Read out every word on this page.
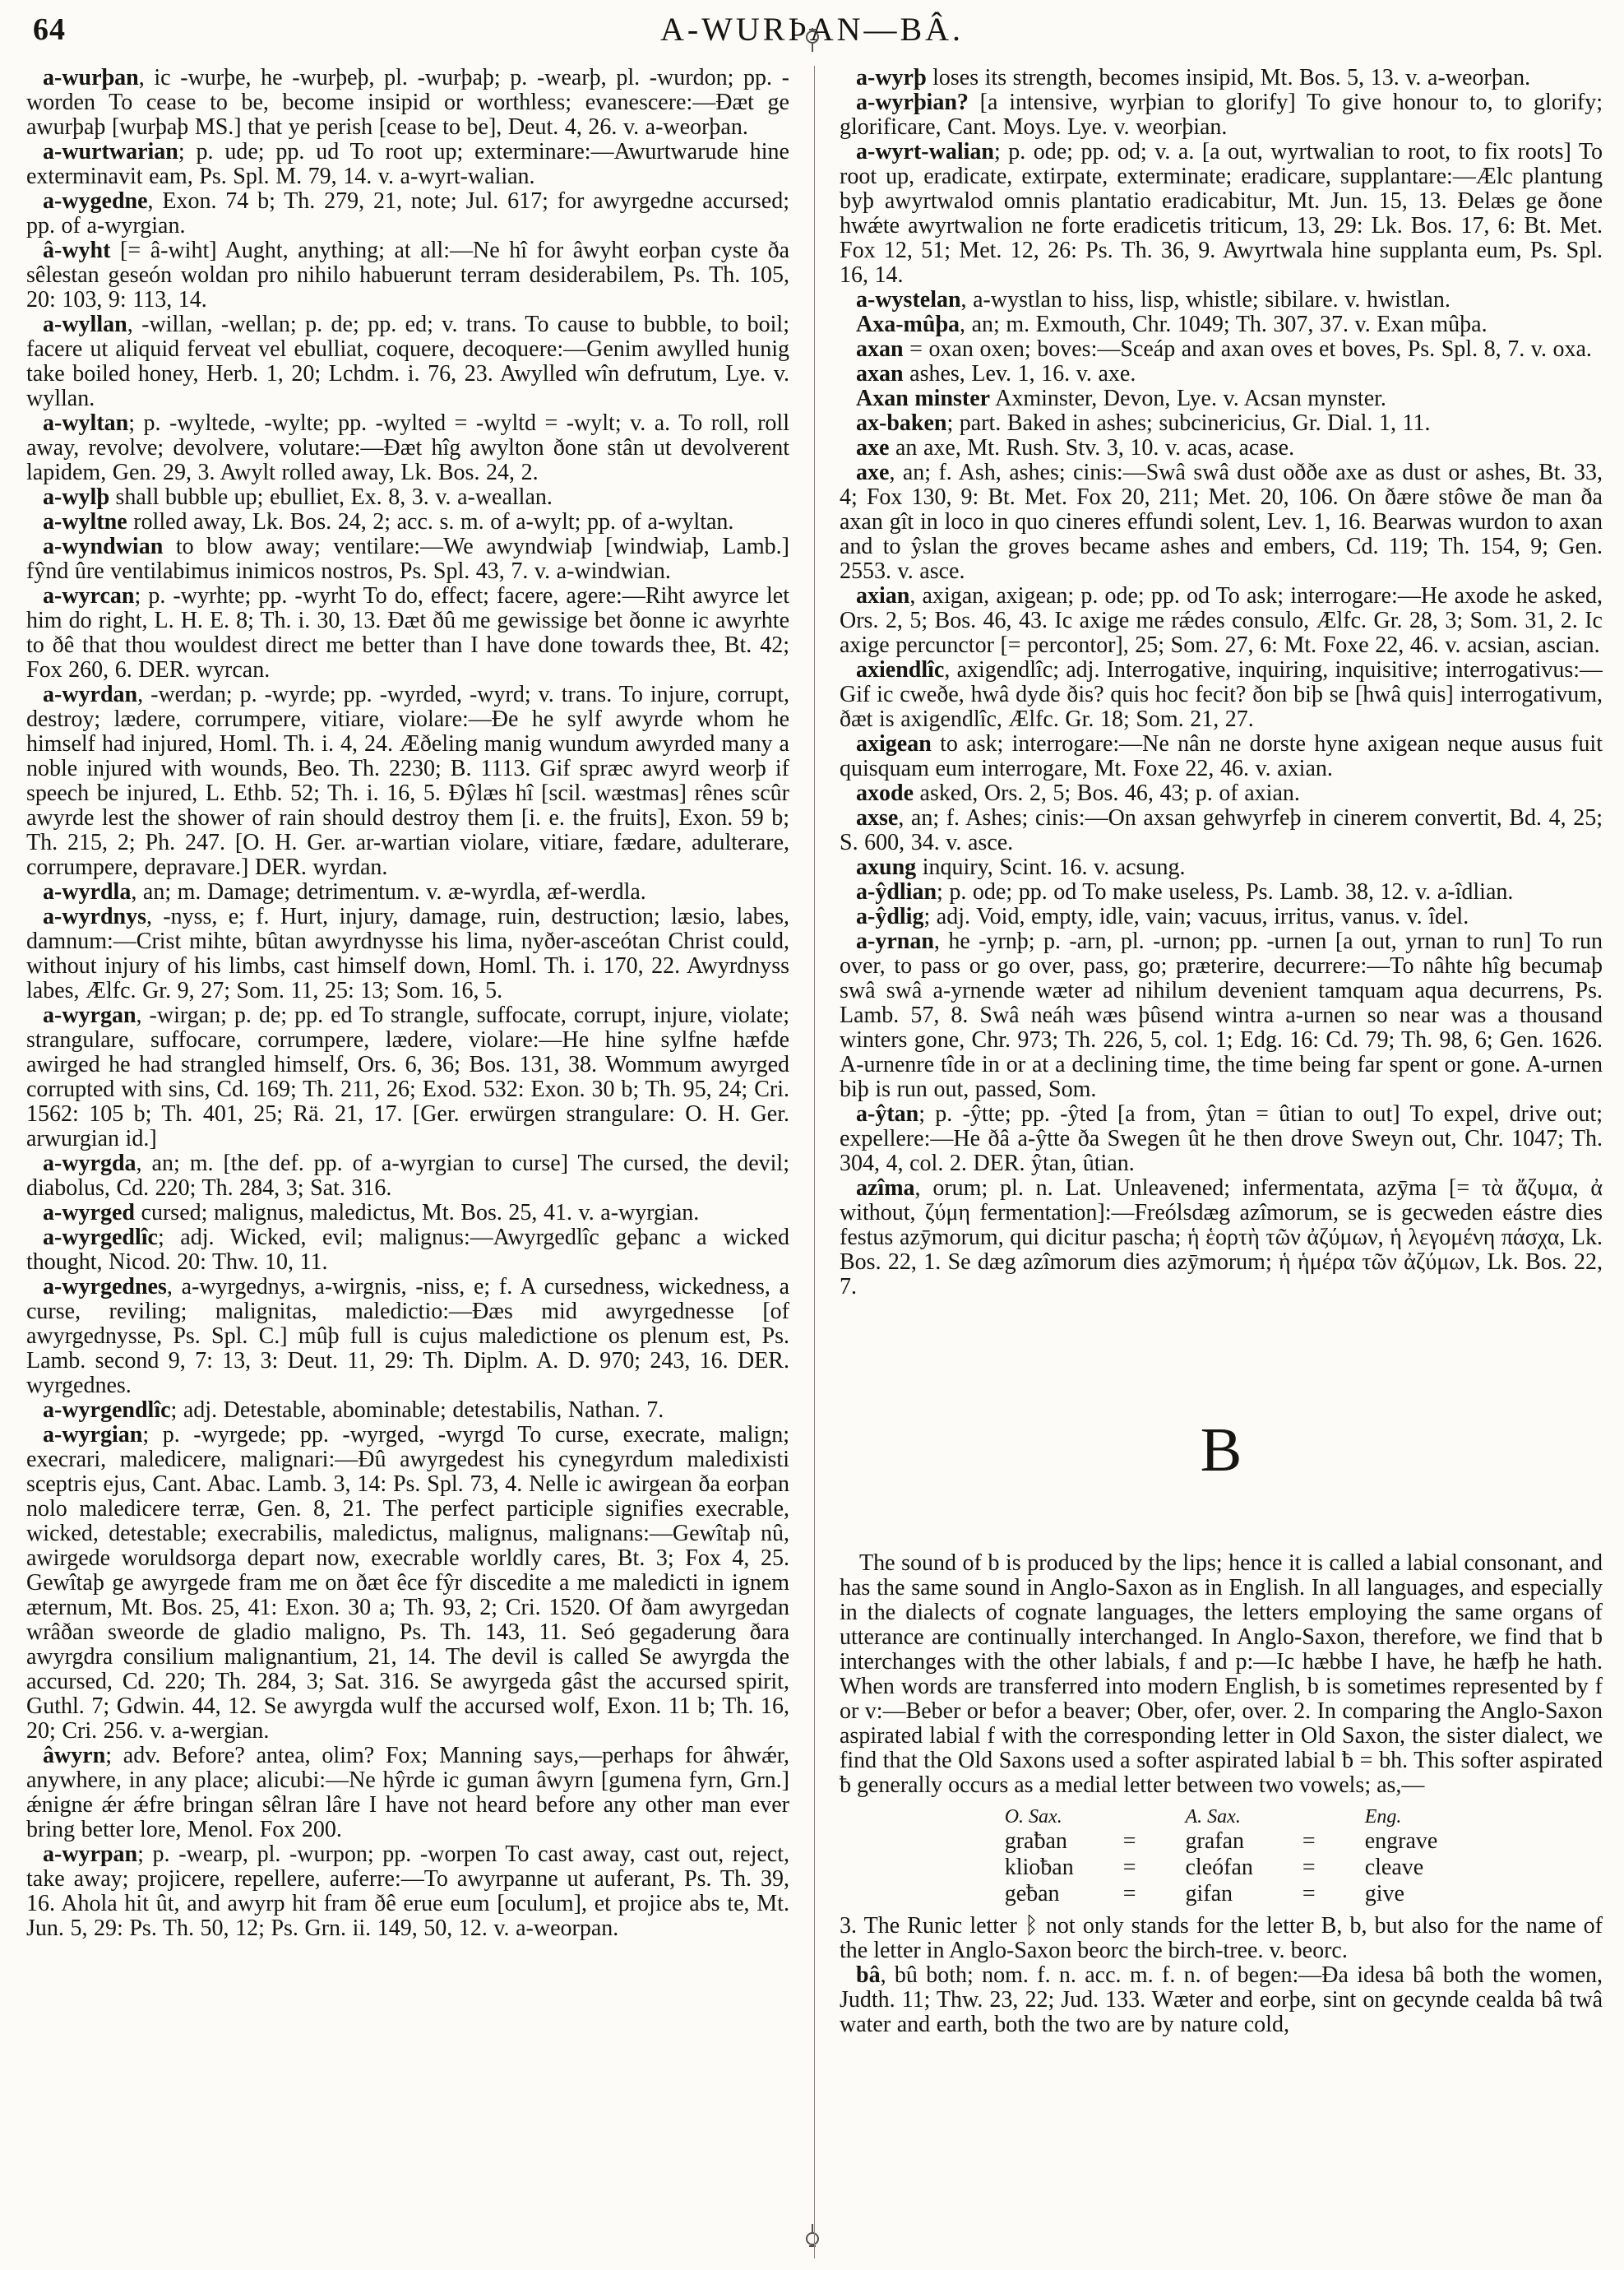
64	A-WURÞAN—BÂ.

a-wurþan, ic -wurþe, he -wurþeþ, pl. -wurþaþ; p. -wearþ, pl. -wurdon; pp. -worden To cease to be, become insipid or worthless; evanescere:—Ðæt ge awurþaþ [wurþaþ MS.] that ye perish [cease to be], Deut. 4, 26. v. a-weorþan.

a-wurtwarian; p. ude; pp. ud To root up; exterminare:—Awurtwarude hine exterminavit eam, Ps. Spl. M. 79, 14. v. a-wyrt-walian.

a-wygedne, Exon. 74 b; Th. 279, 21, note; Jul. 617; for awyrgedne accursed; pp. of a-wyrgian.

â-wyht [= â-wiht] Aught, anything; at all:—Ne hî for âwyht eorþan cyste ða sêlestan geseón woldan pro nihilo habuerunt terram desiderabilem, Ps. Th. 105, 20: 103, 9: 113, 14.

a-wyllan, -willan, -wellan; p. de; pp. ed; v. trans. To cause to bubble, to boil; facere ut aliquid ferveat vel ebulliat, coquere, decoquere:—Genim awylled hunig take boiled honey, Herb. 1, 20; Lchdm. i. 76, 23. Awylled wîn defrutum, Lye. v. wyllan.

a-wyltan; p. -wyltede, -wylte; pp. -wylted = -wyltd = -wylt; v. a. To roll, roll away, revolve; devolvere, volutare:—Ðæt hîg awylton ðone stân ut devolverent lapidem, Gen. 29, 3. Awylt rolled away, Lk. Bos. 24, 2.

a-wylþ shall bubble up; ebulliet, Ex. 8, 3. v. a-weallan.

a-wyltne rolled away, Lk. Bos. 24, 2; acc. s. m. of a-wylt; pp. of a-wyltan.

a-wyndwian to blow away; ventilare:—We awyndwiaþ [windwiaþ, Lamb.] fŷnd ûre ventilabimus inimicos nostros, Ps. Spl. 43, 7. v. a-windwian.

a-wyrcan; p. -wyrhte; pp. -wyrht To do, effect; facere, agere:—Riht awyrce let him do right, L. H. E. 8; Th. i. 30, 13. Ðæt ðû me gewissige bet ðonne ic awyrhte to ðê that thou wouldest direct me better than I have done towards thee, Bt. 42; Fox 260, 6. DER. wyrcan.

a-wyrdan, -werdan; p. -wyrde; pp. -wyrded, -wyrd; v. trans. To injure, corrupt, destroy; lædere, corrumpere, vitiare, violare:—Ðe he sylf awyrde whom he himself had injured, Homl. Th. i. 4, 24. Æðeling manig wundum awyrded many a noble injured with wounds, Beo. Th. 2230; B. 1113. Gif spræc awyrd weorþ if speech be injured, L. Ethb. 52; Th. i. 16, 5. Ðŷlæs hî [scil. wæstmas] rênes scûr awyrde lest the shower of rain should destroy them [i. e. the fruits], Exon. 59 b; Th. 215, 2; Ph. 247. [O. H. Ger. ar-wartian violare, vitiare, fædare, adulterare, corrumpere, depravare.] DER. wyrdan.

a-wyrdla, an; m. Damage; detrimentum. v. æ-wyrdla, æf-werdla.

a-wyrdnys, -nyss, e; f. Hurt, injury, damage, ruin, destruction; læsio, labes, damnum:—Crist mihte, bûtan awyrdnysse his lima, nyðer-asceótan Christ could, without injury of his limbs, cast himself down, Homl. Th. i. 170, 22. Awyrdnyss labes, Ælfc. Gr. 9, 27; Som. 11, 25: 13; Som. 16, 5.

a-wyrgan, -wirgan; p. de; pp. ed To strangle, suffocate, corrupt, injure, violate; strangulare, suffocare, corrumpere, lædere, violare:—He hine sylfne hæfde awirged he had strangled himself, Ors. 6, 36; Bos. 131, 38. Wommum awyrged corrupted with sins, Cd. 169; Th. 211, 26; Exod. 532: Exon. 30 b; Th. 95, 24; Cri. 1562: 105 b; Th. 401, 25; Rä. 21, 17. [Ger. erwürgen strangulare: O. H. Ger. arwurgian id.]

a-wyrgda, an; m. [the def. pp. of a-wyrgian to curse] The cursed, the devil; diabolus, Cd. 220; Th. 284, 3; Sat. 316.

a-wyrged cursed; malignus, maledictus, Mt. Bos. 25, 41. v. a-wyrgian.

a-wyrgedlîc; adj. Wicked, evil; malignus:—Awyrgedlîc geþanc a wicked thought, Nicod. 20: Thw. 10, 11.

a-wyrgednes, a-wyrgednys, a-wirgnis, -niss, e; f. A cursedness, wickedness, a curse, reviling; malignitas, maledictio:—Ðæs mid awyrgednesse [of awyrgednysse, Ps. Spl. C.] mûþ full is cujus maledictione os plenum est, Ps. Lamb. second 9, 7: 13, 3: Deut. 11, 29: Th. Diplm. A. D. 970; 243, 16. DER. wyrgednes.

a-wyrgendlîc; adj. Detestable, abominable; detestabilis, Nathan. 7.

a-wyrgian; p. -wyrgede; pp. -wyrged, -wyrgd To curse, execrate, malign; execrari, maledicere, malignari:—Ðû awyrgedest his cynegyrdum maledixisti sceptris ejus, Cant. Abac. Lamb. 3, 14: Ps. Spl. 73, 4. Nelle ic awirgean ða eorþan nolo maledicere terræ, Gen. 8, 21. The perfect participle signifies execrable, wicked, detestable; execrabilis, maledictus, malignus, malignans:—Gewîtaþ nû, awirgede woruldsorga depart now, execrable worldly cares, Bt. 3; Fox 4, 25. Gewîtaþ ge awyrgede fram me on ðæt êce fŷr discedite a me maledicti in ignem æternum, Mt. Bos. 25, 41: Exon. 30 a; Th. 93, 2; Cri. 1520. Of ðam awyrgedan wrâðan sweorde de gladio maligno, Ps. Th. 143, 11. Seó gegaderung ðara awyrgdra consilium malignantium, 21, 14. The devil is called Se awyrgda the accursed, Cd. 220; Th. 284, 3; Sat. 316. Se awyrgeda gâst the accursed spirit, Guthl. 7; Gdwin. 44, 12. Se awyrgda wulf the accursed wolf, Exon. 11 b; Th. 16, 20; Cri. 256. v. a-wergian.

âwyrn; adv. Before? antea, olim? Fox; Manning says,—perhaps for âhwǽr, anywhere, in any place; alicubi:—Ne hŷrde ic guman âwyrn [gumena fyrn, Grn.] ǽnigne ǽr ǽfre bringan sêlran lâre I have not heard before any other man ever bring better lore, Menol. Fox 200.

a-wyrpan; p. -wearp, pl. -wurpon; pp. -worpen To cast away, cast out, reject, take away; projicere, repellere, auferre:—To awyrpanne ut auferant, Ps. Th. 39, 16. Ahola hit ût, and awyrp hit fram ðê erue eum [oculum], et projice abs te, Mt. Jun. 5, 29: Ps. Th. 50, 12; Ps. Grn. ii. 149, 50, 12. v. a-weorpan.

a-wyrþ loses its strength, becomes insipid, Mt. Bos. 5, 13. v. a-weorþan.

a-wyrþian? [a intensive, wyrþian to glorify] To give honour to, to glorify; glorificare, Cant. Moys. Lye. v. weorþian.

a-wyrt-walian; p. ode; pp. od; v. a. [a out, wyrtwalian to root, to fix roots] To root up, eradicate, extirpate, exterminate; eradicare, supplantare:—Ælc plantung byþ awyrtwalod omnis plantatio eradicabitur, Mt. Jun. 15, 13. Ðelæs ge ðone hwǽte awyrtwalion ne forte eradicetis triticum, 13, 29: Lk. Bos. 17, 6: Bt. Met. Fox 12, 51; Met. 12, 26: Ps. Th. 36, 9. Awyrtwala hine supplanta eum, Ps. Spl. 16, 14.

a-wystelan, a-wystlan to hiss, lisp, whistle; sibilare. v. hwistlan.

Axa-mûþa, an; m. Exmouth, Chr. 1049; Th. 307, 37. v. Exan mûþa.

axan = oxan oxen; boves:—Sceáp and axan oves et boves, Ps. Spl. 8, 7. v. oxa.

axan ashes, Lev. 1, 16. v. axe.

Axan minster Axminster, Devon, Lye. v. Acsan mynster.

ax-baken; part. Baked in ashes; subcinericius, Gr. Dial. 1, 11.

axe an axe, Mt. Rush. Stv. 3, 10. v. acas, acase.

axe, an; f. Ash, ashes; cinis:—Swâ swâ dust oððe axe as dust or ashes, Bt. 33, 4; Fox 130, 9: Bt. Met. Fox 20, 211; Met. 20, 106. On ðære stôwe ðe man ða axan gît in loco in quo cineres effundi solent, Lev. 1, 16. Bearwas wurdon to axan and to ŷslan the groves became ashes and embers, Cd. 119; Th. 154, 9; Gen. 2553. v. asce.

axian, axigan, axigean; p. ode; pp. od To ask; interrogare:—He axode he asked, Ors. 2, 5; Bos. 46, 43. Ic axige me rǽdes consulo, Ælfc. Gr. 28, 3; Som. 31, 2. Ic axige percunctor [= percontor], 25; Som. 27, 6: Mt. Foxe 22, 46. v. acsian, ascian.

axiendlîc, axigendlîc; adj. Interrogative, inquiring, inquisitive; interrogativus:—Gif ic cweðe, hwâ dyde ðis? quis hoc fecit? ðon biþ se [hwâ quis] interrogativum, ðæt is axigendlîc, Ælfc. Gr. 18; Som. 21, 27.

axigean to ask; interrogare:—Ne nân ne dorste hyne axigean neque ausus fuit quisquam eum interrogare, Mt. Foxe 22, 46. v. axian.

axode asked, Ors. 2, 5; Bos. 46, 43; p. of axian.

axse, an; f. Ashes; cinis:—On axsan gehwyrfeþ in cinerem convertit, Bd. 4, 25; S. 600, 34. v. asce.

axung inquiry, Scint. 16. v. acsung.

a-ŷdlian; p. ode; pp. od To make useless, Ps. Lamb. 38, 12. v. a-îdlian.

a-ŷdlig; adj. Void, empty, idle, vain; vacuus, irritus, vanus. v. îdel.

a-yrnan, he -yrnþ; p. -arn, pl. -urnon; pp. -urnen [a out, yrnan to run] To run over, to pass or go over, pass, go; præterire, decurrere:—To nâhte hîg becumaþ swâ swâ a-yrnende wæter ad nihilum devenient tamquam aqua decurrens, Ps. Lamb. 57, 8. Swâ neáh wæs þûsend wintra a-urnen so near was a thousand winters gone, Chr. 973; Th. 226, 5, col. 1; Edg. 16: Cd. 79; Th. 98, 6; Gen. 1626. A-urnenre tîde in or at a declining time, the time being far spent or gone. A-urnen biþ is run out, passed, Som.

a-ŷtan; p. -ŷtte; pp. -ŷted [a from, ŷtan = ûtian to out] To expel, drive out; expellere:—He ðâ a-ŷtte ða Swegen ût he then drove Sweyn out, Chr. 1047; Th. 304, 4, col. 2. DER. ŷtan, ûtian.

azîma, orum; pl. n. Lat. Unleavened; infermentata, azȳma [= τὰ ἄζυμα, ἀ without, ζύμη fermentation]:—Freólsdæg azîmorum, se is gecweden eástre dies festus azȳmorum, qui dicitur pascha; ἡ ἑορτὴ τῶν ἀζύμων, ἡ λεγομένη πάσχα, Lk. Bos. 22, 1. Se dæg azîmorum dies azȳmorum; ἡ ἡμέρα τῶν ἀζύμων, Lk. Bos. 22, 7.

B

The sound of b is produced by the lips; hence it is called a labial consonant, and has the same sound in Anglo-Saxon as in English. In all languages, and especially in the dialects of cognate languages, the letters employing the same organs of utterance are continually interchanged. In Anglo-Saxon, therefore, we find that b interchanges with the other labials, f and p:—Ic hæbbe I have, he hæfþ he hath. When words are transferred into modern English, b is sometimes represented by f or v:—Beber or befor a beaver; Ober, ofer, over. 2. In comparing the Anglo-Saxon aspirated labial f with the corresponding letter in Old Saxon, the sister dialect, we find that the Old Saxons used a softer aspirated labial ƀ = bh. This softer aspirated ƀ generally occurs as a medial letter between two vowels; as,—

O. Sax.		A. Sax.		Eng.
graƀan	=	grafan	=	engrave
klioƀan	=	cleófan	=	cleave
geƀan	=	gifan	=	give

3. The Runic letter ᛒ not only stands for the letter B, b, but also for the name of the letter in Anglo-Saxon beorc the birch-tree. v. beorc.

bâ, bû both; nom. f. n. acc. m. f. n. of begen:—Ða idesa bâ both the women, Judth. 11; Thw. 23, 22; Jud. 133. Wæter and eorþe, sint on gecynde cealda bâ twâ water and earth, both the two are by nature cold,
